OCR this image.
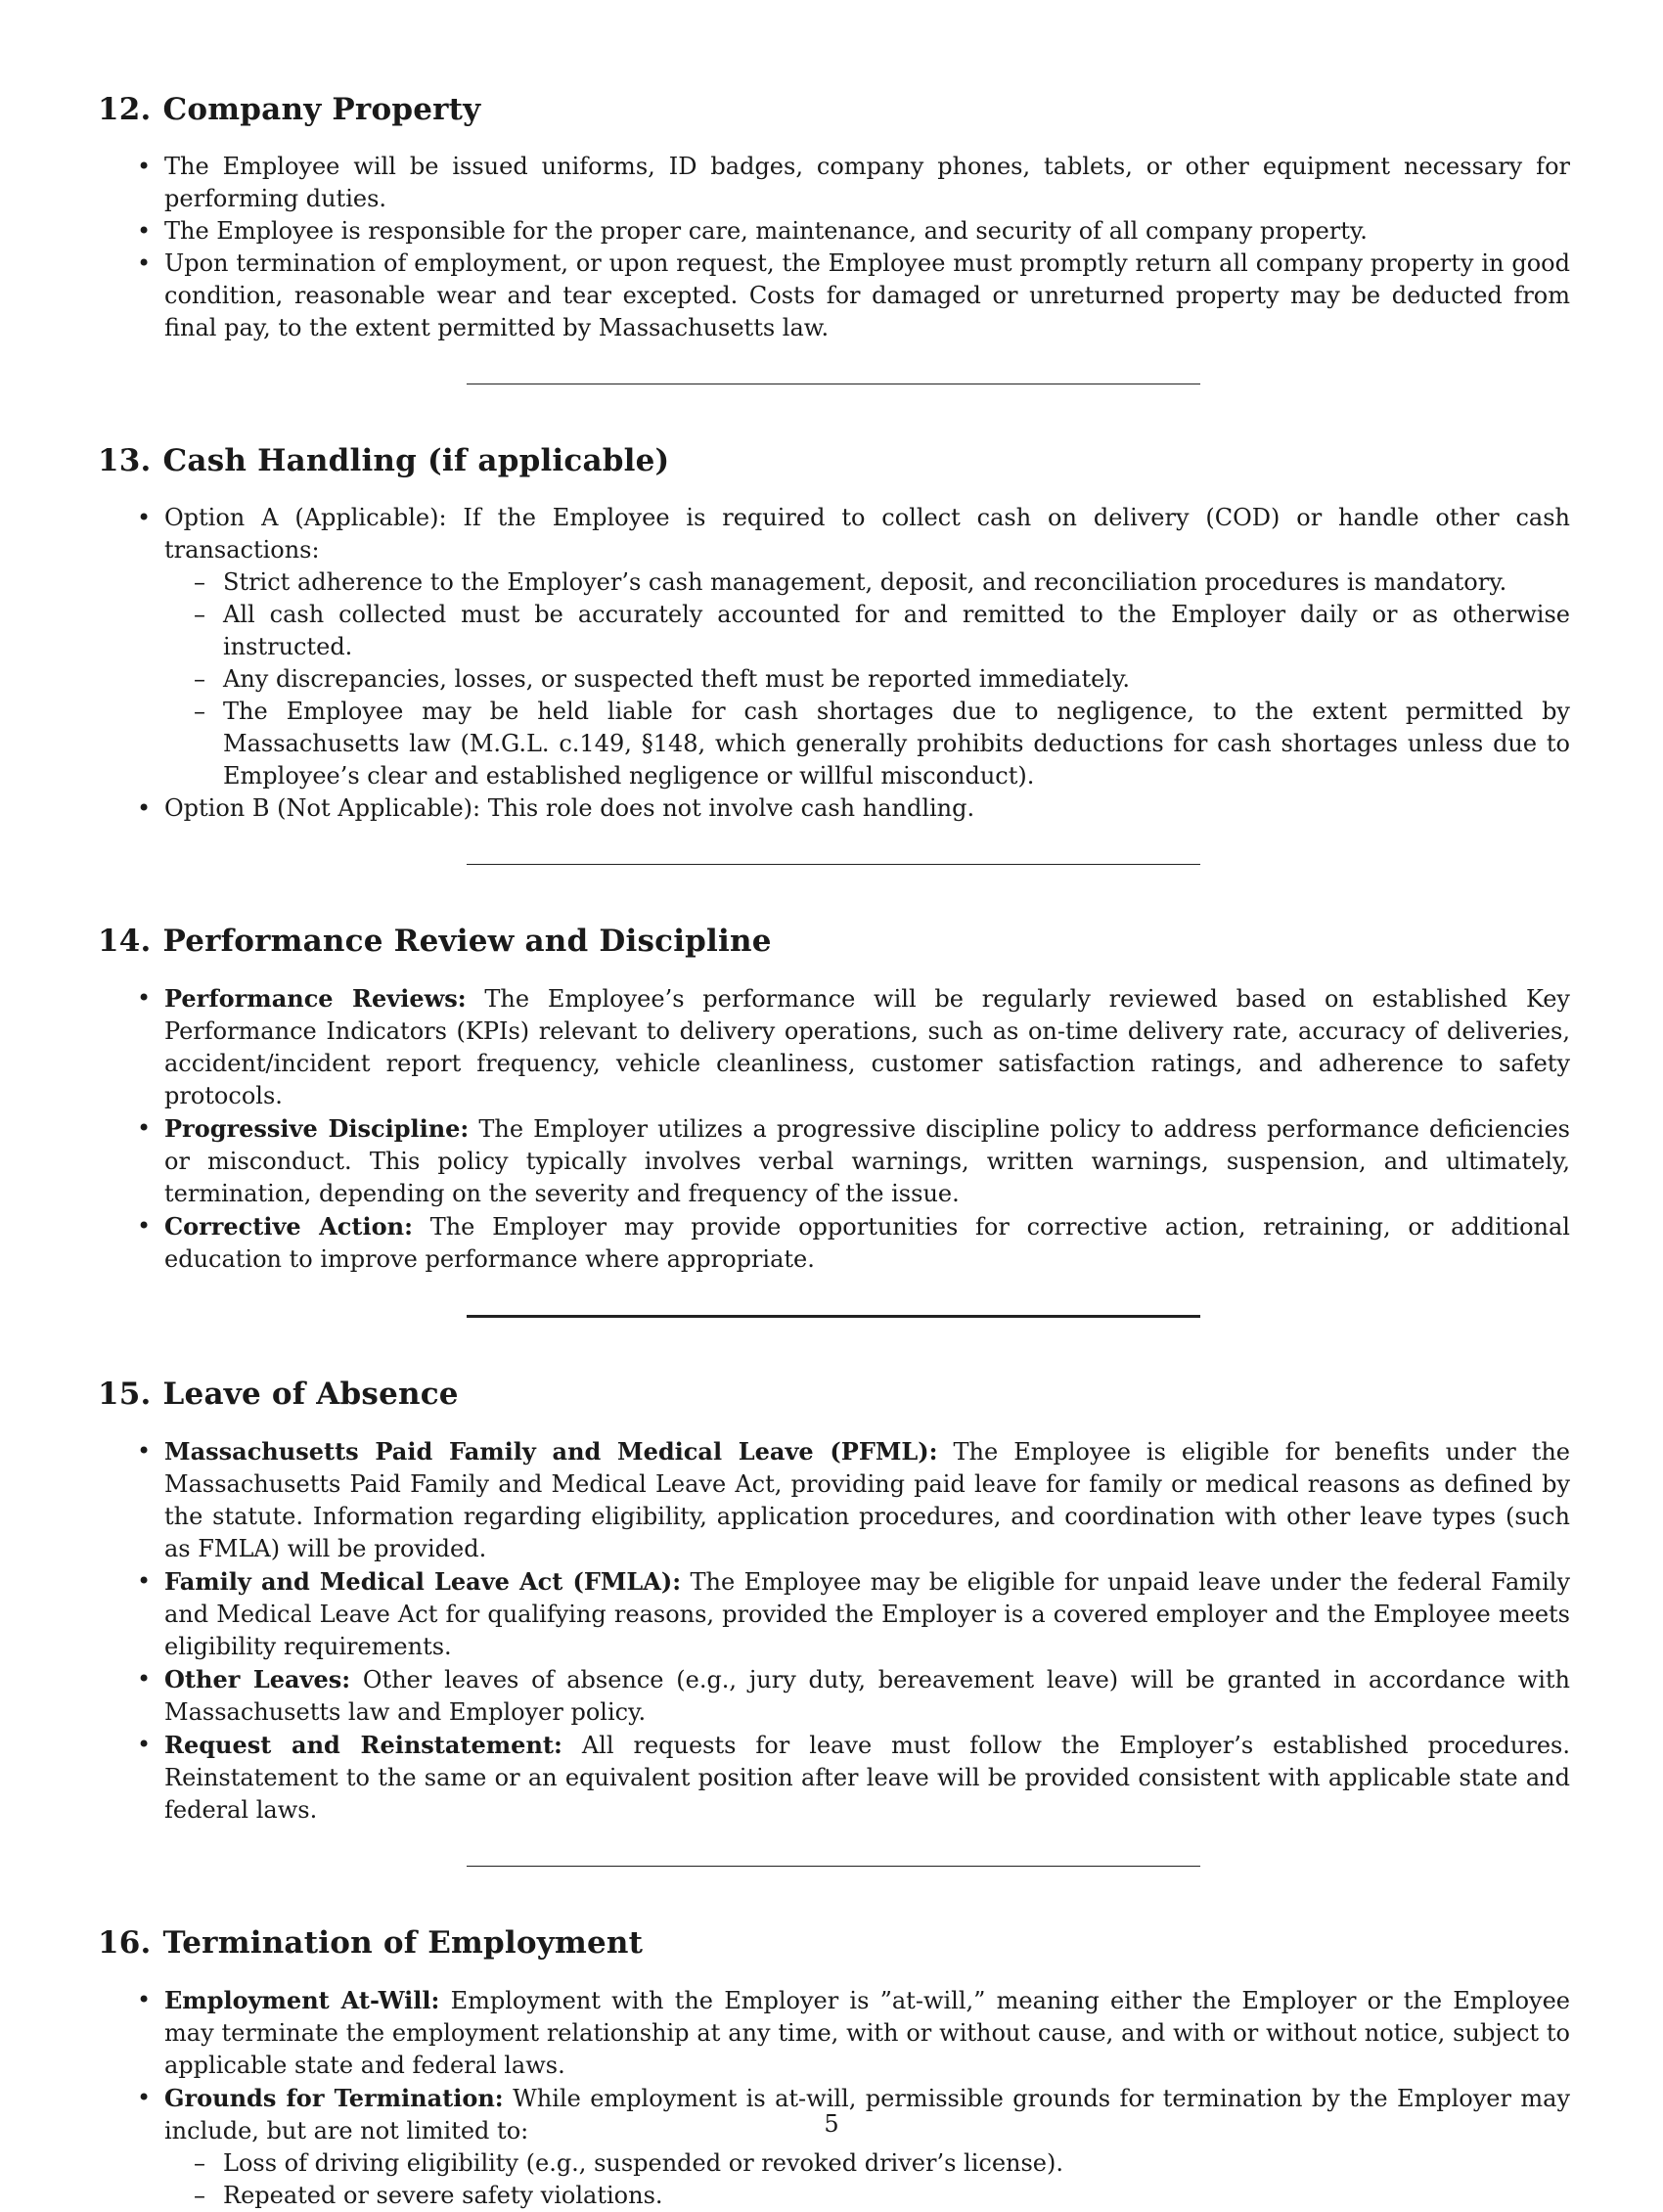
12. Company Property
• The Employee will be issued uniforms, ID badges, company phones, tablets, or other equipment necessary for performing duties.
• The Employee is responsible for the proper care, maintenance, and security of all company property.
• Upon termination of employment, or upon request, the Employee must promptly return all company property in good condition, reasonable wear and tear excepted. Costs for damaged or unreturned property may be deducted from final pay, to the extent permitted by Massachusetts law.
13. Cash Handling (if applicable)
• Option A (Applicable): If the Employee is required to collect cash on delivery (COD) or handle other cash transactions:
– Strict adherence to the Employer’s cash management, deposit, and reconciliation procedures is mandatory.
– All cash collected must be accurately accounted for and remitted to the Employer daily or as otherwise instructed.
– Any discrepancies, losses, or suspected theft must be reported immediately.
– The Employee may be held liable for cash shortages due to negligence, to the extent permitted by Massachusetts law (M.G.L. c.149, §148, which generally prohibits deductions for cash shortages unless due to Employee’s clear and established negligence or willful misconduct).
• Option B (Not Applicable): This role does not involve cash handling.
14. Performance Review and Discipline
• Performance Reviews: The Employee’s performance will be regularly reviewed based on established Key Performance Indicators (KPIs) relevant to delivery operations, such as on-time delivery rate, accuracy of deliveries, accident/incident report frequency, vehicle cleanliness, customer satisfaction ratings, and adherence to safety protocols.
• Progressive Discipline: The Employer utilizes a progressive discipline policy to address performance deficiencies or misconduct. This policy typically involves verbal warnings, written warnings, suspension, and ultimately, termination, depending on the severity and frequency of the issue.
• Corrective Action: The Employer may provide opportunities for corrective action, retraining, or additional education to improve performance where appropriate.
15. Leave of Absence
• Massachusetts Paid Family and Medical Leave (PFML): The Employee is eligible for benefits under the Massachusetts Paid Family and Medical Leave Act, providing paid leave for family or medical reasons as defined by the statute. Information regarding eligibility, application procedures, and coordination with other leave types (such as FMLA) will be provided.
• Family and Medical Leave Act (FMLA): The Employee may be eligible for unpaid leave under the federal Family and Medical Leave Act for qualifying reasons, provided the Employer is a covered employer and the Employee meets eligibility requirements.
• Other Leaves: Other leaves of absence (e.g., jury duty, bereavement leave) will be granted in accordance with Massachusetts law and Employer policy.
• Request and Reinstatement: All requests for leave must follow the Employer’s established procedures. Reinstatement to the same or an equivalent position after leave will be provided consistent with applicable state and federal laws.
16. Termination of Employment
• Employment At-Will: Employment with the Employer is ”at-will,” meaning either the Employer or the Employee may terminate the employment relationship at any time, with or without cause, and with or without notice, subject to applicable state and federal laws.
• Grounds for Termination: While employment is at-will, permissible grounds for termination by the Employer may include, but are not limited to:
– Loss of driving eligibility (e.g., suspended or revoked driver’s license).
– Repeated or severe safety violations.
5
